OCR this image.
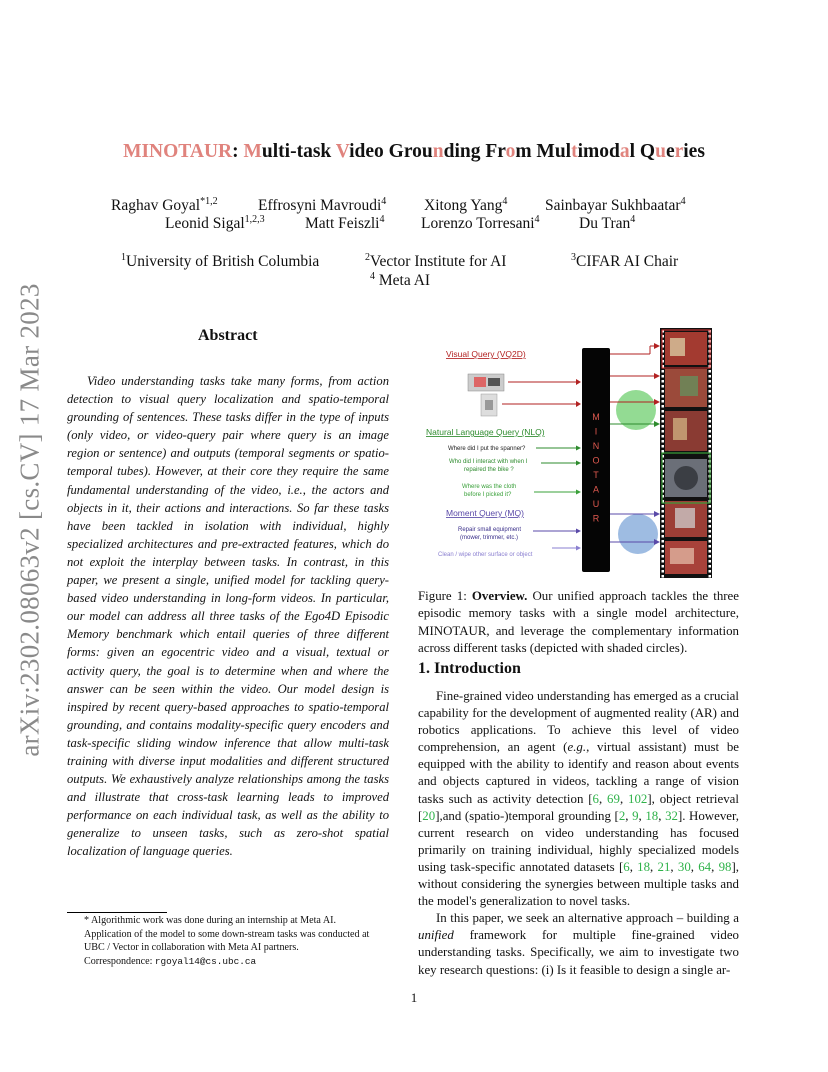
arXiv:2302.08063v2 [cs.CV] 17 Mar 2023
MINOTAUR: Multi-task Video Grounding From Multimodal Queries
Raghav Goyal$^{*1,2}$	Effrosyni Mavroudi$^4$ Xitong Yang$^4$ Sainbayar Sukhbaatar$^4$
Leonid Sigal$^{1,2,3}$	Matt Feiszli$^4$ Lorenzo Torresani$^4$	Du Tran$^4$
$^1$University of British Columbia	$^2$Vector Institute for AI	$^3$CIFAR AI Chair
$^4$ Meta AI
Abstract

Video understanding tasks take many forms, from action detection to visual query localization and spatio-temporal grounding of sentences. These tasks differ in the type of inputs (only video, or video-query pair where query is an image region or sentence) and outputs (temporal segments or spatio-temporal tubes). However, at their core they require the same fundamental understanding of the video, i.e., the actors and objects in it, their actions and interactions. So far these tasks have been tackled in isolation with individual, highly specialized architectures and pre-extracted features, which do not exploit the interplay between tasks. In contrast, in this paper, we present a single, unified model for tackling query-based video understanding in long-form videos. In particular, our model can address all three tasks of the Ego4D Episodic Memory benchmark which entail queries of three different forms: given an egocentric video and a visual, textual or activity query, the goal is to determine when and where the answer can be seen within the video. Our model design is inspired by recent query-based approaches to spatio-temporal grounding, and contains modality-specific query encoders and task-specific sliding window inference that allow multi-task training with diverse input modalities and different structured outputs. We exhaustively analyze relationships among the tasks and illustrate that cross-task learning leads to improved performance on each individual task, as well as the ability to generalize to unseen tasks, such as zero-shot spatial localization of language queries.

* Algorithmic work was done during an internship at Meta AI. Application of the model to some down-stream tasks was conducted at UBC / Vector in collaboration with Meta AI partners.
Correspondence: rgoyal14@cs.ubc.ca
Visual Query (VQ2D)
Natural Language Query (NLQ)
Where did I put the spanner?
Who did I interact with when I
repaired the bike ?
Where was the cloth
before I picked it?
Moment Query (MQ)
Repair small equipment
(mower, trimmer, etc.)
Clean / wipe other surface or object
M
I
N
O
T
A
U
R
Figure 1: Overview. Our unified approach tackles the three episodic memory tasks with a single model architecture, MINOTAUR, and leverage the complementary information across different tasks (depicted with shaded circles).
1. Introduction

Fine-grained video understanding has emerged as a crucial capability for the development of augmented reality (AR) and robotics applications. To achieve this level of video comprehension, an agent (e.g., virtual assistant) must be equipped with the ability to identify and reason about events and objects captured in videos, tackling a range of vision tasks such as activity detection [6, 69, 102], object retrieval [20],and (spatio-)temporal grounding [2, 9, 18, 32]. However, current research on video understanding has focused primarily on training individual, highly specialized models using task-specific annotated datasets [6, 18, 21, 30, 64, 98], without considering the synergies between multiple tasks and the model's generalization to novel tasks.

In this paper, we seek an alternative approach – building a unified framework for multiple fine-grained video understanding tasks. Specifically, we aim to investigate two key research questions: (i) Is it feasible to design a single ar-

1
